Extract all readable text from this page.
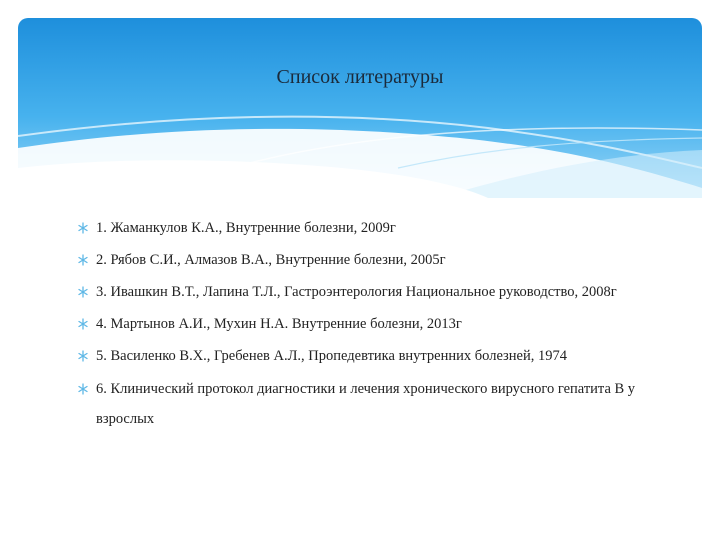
Список литературы
1. Жаманкулов К.А., Внутренние болезни, 2009г
2. Рябов С.И., Алмазов В.А., Внутренние болезни, 2005г
3. Ивашкин В.Т., Лапина Т.Л., Гастроэнтерология Национальное руководство, 2008г
4. Мартынов А.И., Мухин Н.А. Внутренние болезни, 2013г
5. Василенко В.Х., Гребенев А.Л., Пропедевтика внутренних болезней, 1974
6. Клинический протокол диагностики и лечения хронического вирусного гепатита В у взрослых
